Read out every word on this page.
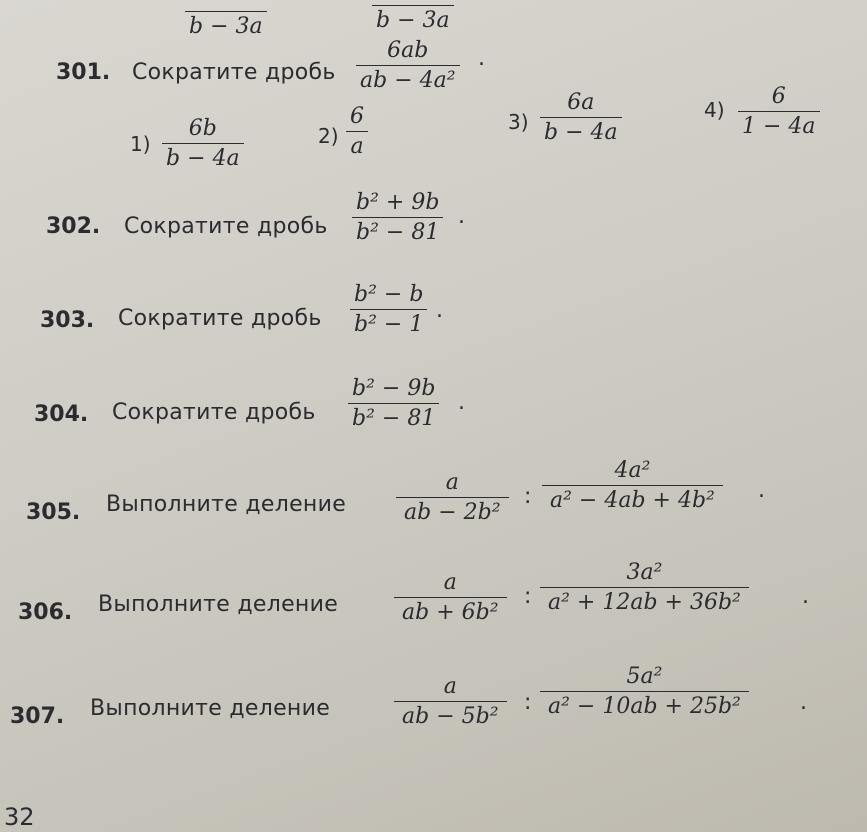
b − 3a	b − 3a
301. Сократите дробь $\frac{6ab}{\text{ab − 4a²}}$ .
$1) \frac{6b}{b - 4a}$	$2) \frac{6}{a}$	$3) \frac{6a}{b - 4a}$	$4) \frac{6}{1 - 4a}$
302. Сократите дробь $\frac{\text{b² + 9b}}{\text{b² − 81}}$ .
303. Сократите дробь $\frac{\text{b² − b}}{\text{b² − 1}}$ .
304. Сократите дробь $\frac{\text{b² − 9b}}{\text{b² − 81}}$ .
305. Выполните деление $\frac{a}{\text{ab − 2b²}}$ : $\frac{\text{4a²}}{\text{a² − 4ab + 4b²}}$ .
306. Выполните деление	$\frac{a}{\text{ab + 6b²}}$ : $\frac{\text{3a²}}{\text{a² + 12ab + 36b²}}$ .
307. Выполните деление	$\frac{a}{\text{ab − 5b²}}$ : $\frac{\text{5a²}}{\text{a² − 10ab + 25b²}}$ .
32
